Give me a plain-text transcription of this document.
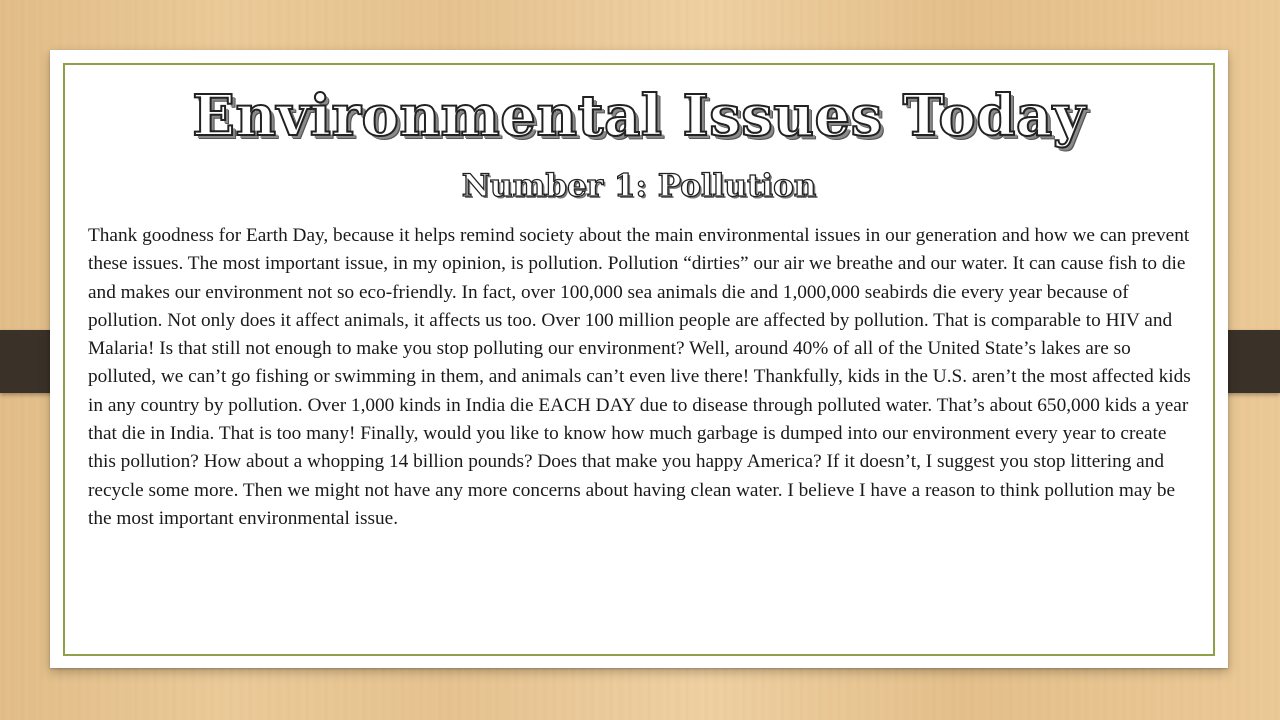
Environmental Issues Today
Number 1: Pollution

Thank goodness for Earth Day, because it helps remind society about the main environmental issues in our generation and how we can prevent these issues. The most important issue, in my opinion, is pollution. Pollution “dirties” our air we breathe and our water. It can cause fish to die and makes our environment not so eco-friendly. In fact, over 100,000 sea animals die and 1,000,000 seabirds die every year because of pollution. Not only does it affect animals, it affects us too. Over 100 million people are affected by pollution. That is comparable to HIV and Malaria! Is that still not enough to make you stop polluting our environment? Well, around 40% of all of the United State’s lakes are so polluted, we can’t go fishing or swimming in them, and animals can’t even live there! Thankfully, kids in the U.S. aren’t the most affected kids in any country by pollution. Over 1,000 kinds in India die EACH DAY due to disease through polluted water. That’s about 650,000 kids a year that die in India. That is too many! Finally, would you like to know how much garbage is dumped into our environment every year to create this pollution? How about a whopping 14 billion pounds? Does that make you happy America? If it doesn’t, I suggest you stop littering and recycle some more. Then we might not have any more concerns about having clean water. I believe I have a reason to think pollution may be the most important environmental issue.
